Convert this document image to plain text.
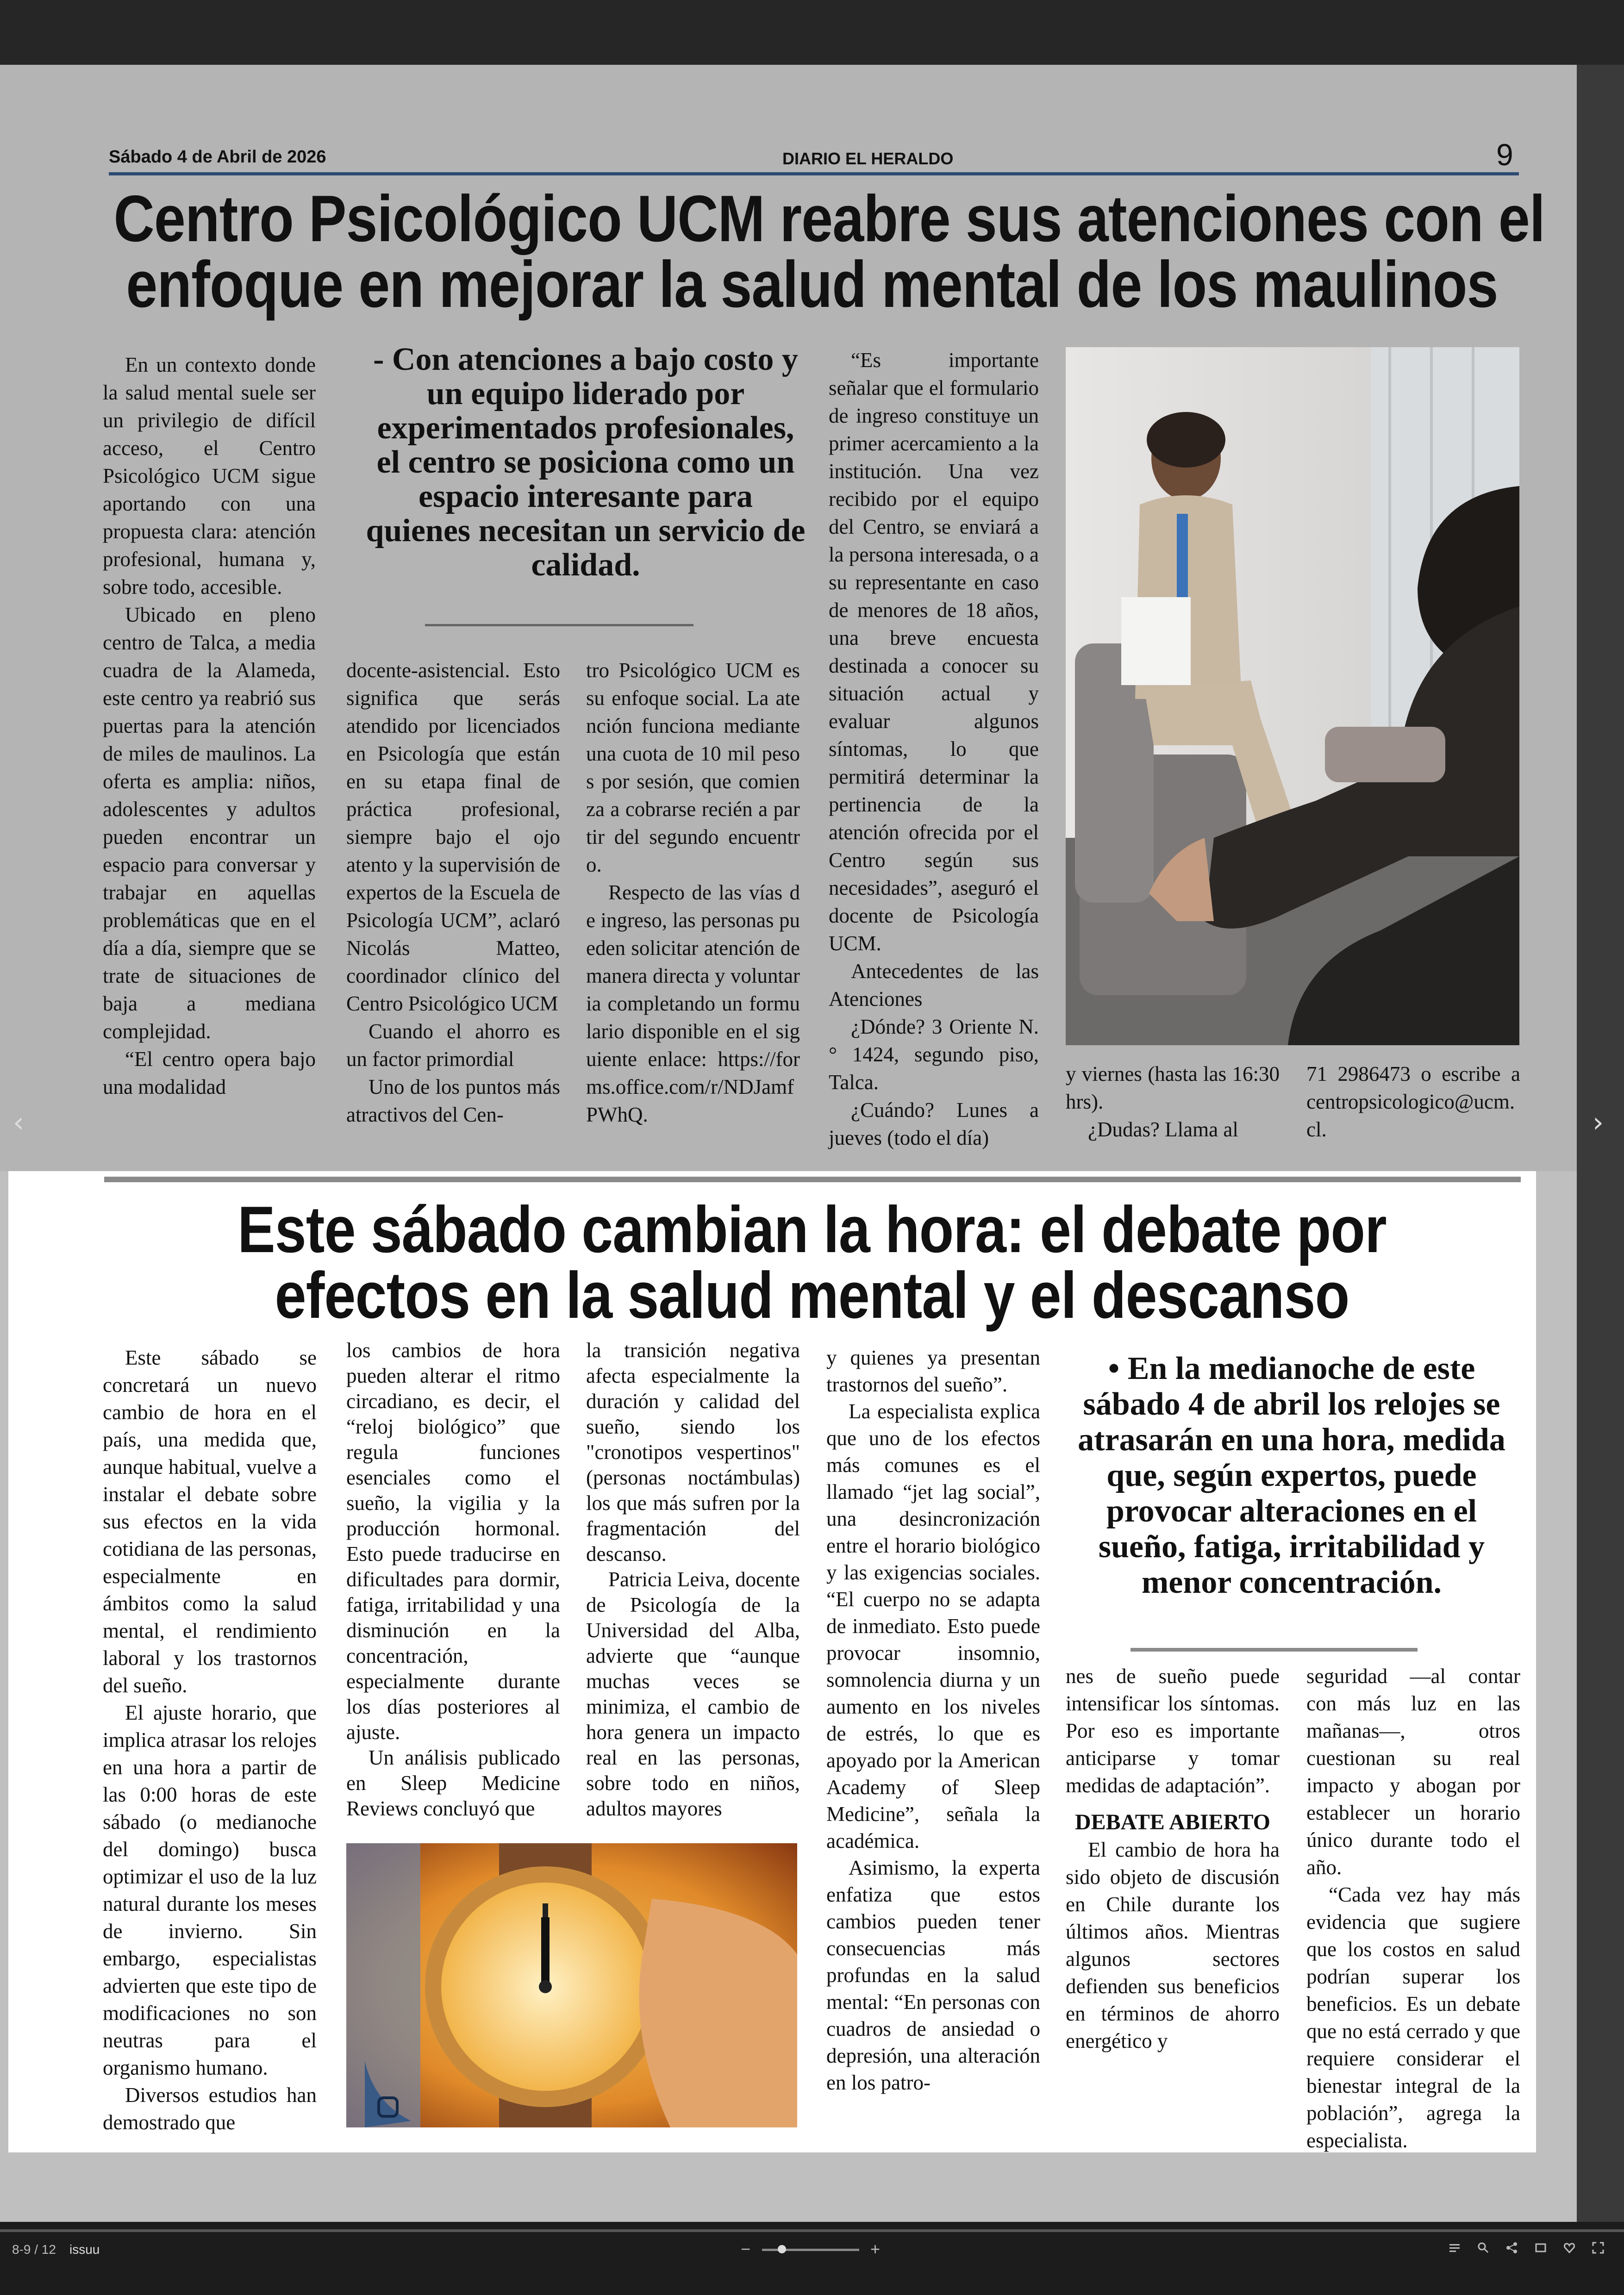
Sábado 4 de Abril de 2026	DIARIO EL HERALDO	9
Centro Psicológico UCM reabre sus atenciones con el
enfoque en mejorar la salud mental de los maulinos

En un contexto donde la salud mental suele ser un privilegio de difícil acceso, el Centro Psicológico UCM sigue aportando con una propuesta clara: atención profesional, humana y, sobre todo, accesible.

Ubicado en pleno centro de Talca, a media cuadra de la Alameda, este centro ya reabrió sus puertas para la atención de miles de maulinos. La oferta es amplia: niños, adolescentes y adultos pueden encontrar un espacio para conversar y trabajar en aquellas problemáticas que en el día a día, siempre que se trate de situaciones de baja a mediana complejidad.

“El centro opera bajo una modalidad

- Con atenciones a bajo costo y un equipo liderado por experimentados profesionales, el centro se posiciona como un espacio interesante para quienes necesitan un servicio de calidad.

docente-asistencial. Esto significa que serás atendido por licenciados en Psicología que están en su etapa final de práctica profesional, siempre bajo el ojo atento y la supervisión de expertos de la Escuela de Psicología UCM”, aclaró Nicolás Matteo, coordinador clínico del Centro Psicológico UCM

Cuando el ahorro es un factor primordial

Uno de los puntos más atractivos del Cen-

tro Psicológico UCM es su enfoque social. La atención funciona mediante una cuota de 10 mil pesos por sesión, que comienza a cobrarse recién a partir del segundo encuentro.

Respecto de las vías de ingreso, las personas pueden solicitar atención de manera directa y voluntaria completando un formulario disponible en el siguiente enlace: https://forms.office.com/r/NDJamfPWhQ.

“Es importante señalar que el formulario de ingreso constituye un primer acercamiento a la institución. Una vez recibido por el equipo del Centro, se enviará a la persona interesada, o a su representante en caso de menores de 18 años, una breve encuesta destinada a conocer su situación actual y evaluar algunos síntomas, lo que permitirá determinar la pertinencia de la atención ofrecida por el Centro según sus necesidades”, aseguró el docente de Psicología UCM.

Antecedentes de las Atenciones

¿Dónde? 3 Oriente N.° 1424, segundo piso, Talca.

¿Cuándo? Lunes a jueves (todo el día)

y viernes (hasta las 16:30 hrs).

¿Dudas? Llama al

71 2986473 o escribe a centropsicologico@ucm.cl.

Este sábado cambian la hora: el debate por
efectos en la salud mental y el descanso

Este sábado se concretará un nuevo cambio de hora en el país, una medida que, aunque habitual, vuelve a instalar el debate sobre sus efectos en la vida cotidiana de las personas, especialmente en ámbitos como la salud mental, el rendimiento laboral y los trastornos del sueño.

El ajuste horario, que implica atrasar los relojes en una hora a partir de las 0:00 horas de este sábado (o medianoche del domingo) busca optimizar el uso de la luz natural durante los meses de invierno. Sin embargo, especialistas advierten que este tipo de modificaciones no son neutras para el organismo humano.

Diversos estudios han demostrado que

los cambios de hora pueden alterar el ritmo circadiano, es decir, el “reloj biológico” que regula funciones esenciales como el sueño, la vigilia y la producción hormonal. Esto puede traducirse en dificultades para dormir, fatiga, irritabilidad y una disminución en la concentración, especialmente durante los días posteriores al ajuste.

Un análisis publicado en Sleep Medicine Reviews concluyó que

la transición negativa afecta especialmente la duración y calidad del sueño, siendo los "cronotipos vespertinos" (personas noctámbulas) los que más sufren por la fragmentación del descanso.

Patricia Leiva, docente de Psicología de la Universidad del Alba, advierte que “aunque muchas veces se minimiza, el cambio de hora genera un impacto real en las personas, sobre todo en niños, adultos mayores

y quienes ya presentan trastornos del sueño”.

La especialista explica que uno de los efectos más comunes es el llamado “jet lag social”, una desincronización entre el horario biológico y las exigencias sociales. “El cuerpo no se adapta de inmediato. Esto puede provocar insomnio, somnolencia diurna y un aumento en los niveles de estrés, lo que es apoyado por la American Academy of Sleep Medicine”, señala la académica.

Asimismo, la experta enfatiza que estos cambios pueden tener consecuencias más profundas en la salud mental: “En personas con cuadros de ansiedad o depresión, una alteración en los patro-

• En la medianoche de este sábado 4 de abril los relojes se atrasarán en una hora, medida que, según expertos, puede provocar alteraciones en el sueño, fatiga, irritabilidad y menor concentración.

nes de sueño puede intensificar los síntomas. Por eso es importante anticiparse y tomar medidas de adaptación”.

DEBATE ABIERTO

El cambio de hora ha sido objeto de discusión en Chile durante los últimos años. Mientras algunos sectores defienden sus beneficios en términos de ahorro energético y

seguridad —al contar con más luz en las mañanas—, otros cuestionan su real impacto y abogan por establecer un horario único durante todo el año.

“Cada vez hay más evidencia que sugiere que los costos en salud podrían superar los beneficios. Es un debate que no está cerrado y que requiere considerar el bienestar integral de la población”, agrega la especialista.

‹	›
8-9 / 12 issuu	−	+
